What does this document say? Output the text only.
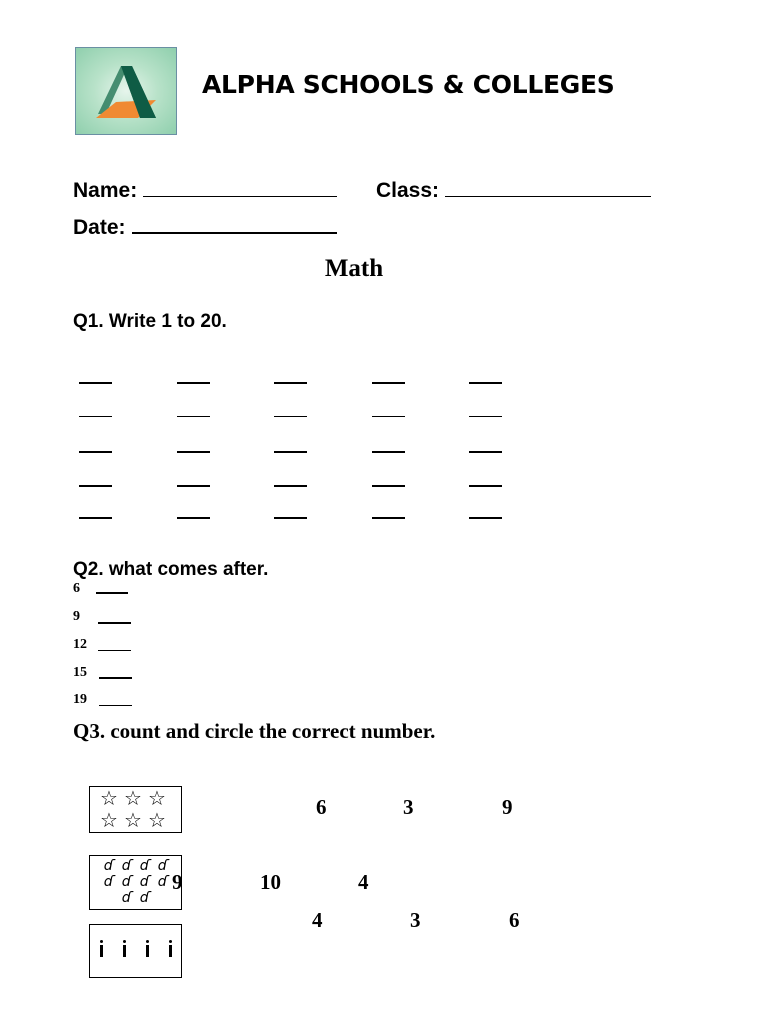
ALPHA SCHOOLS & COLLEGES
Name:	Class:
Date:
Math
Q1. Write 1 to 20.
Q2. what comes after.
6
9
12
15
19
Q3. count and circle the correct number.
☆ ☆ ☆
☆ ☆ ☆
6	3	9
ɗ ɗ ɗ ɗ
ɗ ɗ ɗ ɗ
ɗ ɗ
9	10	4
4	3	6
